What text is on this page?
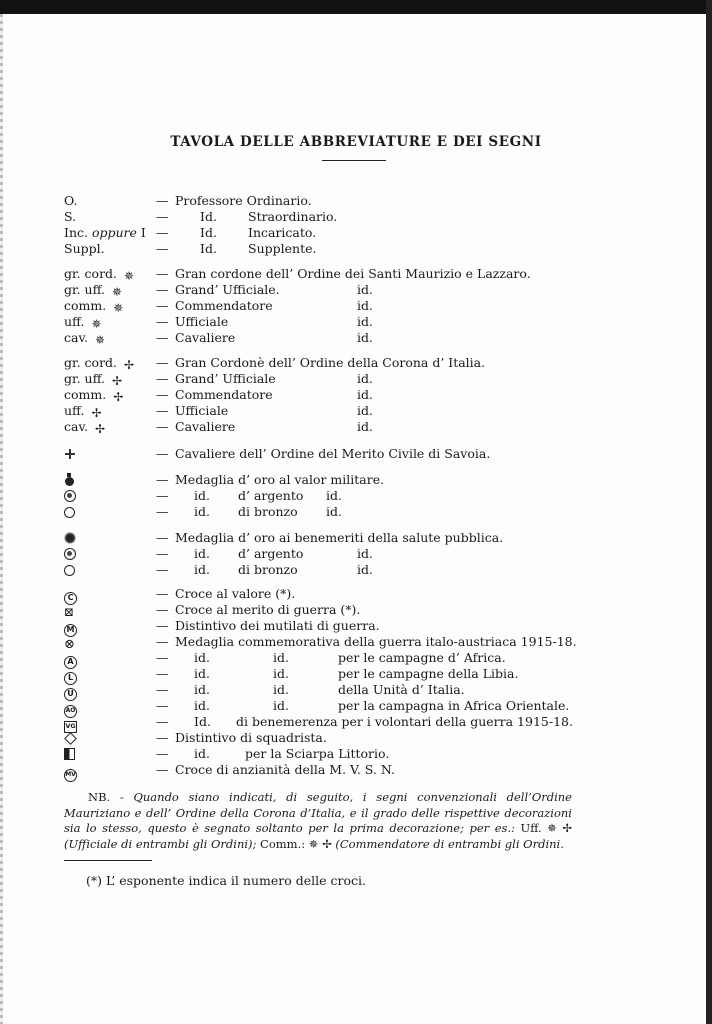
TAVOLA DELLE ABBREVIATURE E DEI SEGNI
O.	— Professore Ordinario.
S.	—	Id. Straordinario.
Inc. oppure I —	Id. Incaricato.
Suppl.	—	Id. Supplente.
gr. cord. ✵ — Gran cordone dell’ Ordine dei Santi Maurizio e Lazzaro.
gr. uff. ✵	— Grand’ Ufficiale.	id.
comm. ✵	— Commendatore	id.
uff. ✵	— Ufficiale	id.
cav. ✵	— Cavaliere	id.
gr. cord. ✢ — Gran Cordonè dell’ Ordine della Corona d’ Italia.
gr. uff. ✢	— Grand’ Ufficiale	id.
comm. ✢	— Commendatore	id.
uff. ✢	— Ufficiale	id.
cav. ✢	— Cavaliere	id.
— Cavaliere dell’ Ordine del Merito Civile di Savoia.
— Medaglia d’ oro al valor militare.
— id. d’ argento id.
— id. di bronzo id.
— Medaglia d’ oro ai benemeriti della salute pubblica.
— id. d’ argento	id.
— id. di bronzo	id.
C	— Croce al valore (*).
⊠	— Croce al merito di guerra (*).
M	— Distintivo dei mutilati di guerra.
⊗	— Medaglia commemorativa della guerra italo-austriaca 1915-18.
A	— id.	id.	per le campagne d’ Africa.
L	— id.	id.	per le campagne della Libia.
U	— id.	id.	della Unità d’ Italia.
AO	— id.	id.	per la campagna in Africa Orientale.
VG	— Id. di benemerenza per i volontari della guerra 1915-18.
— Distintivo di squadrista.
— id.	per la Sciarpa Littorio.
MV	— Croce di anzianità della M. V. S. N.
NB. - Quando siano indicati, di seguito, i segni convenzionali dell’Ordine Mauriziano e dell’ Ordine della Corona d’Italia, e il grado delle rispettive decorazioni sia lo stesso, questo è segnato soltanto per la prima decorazione; per es.: Uff. ✵ ✢ (Ufficiale di entrambi gli Ordini); Comm.: ✵ ✢ (Commendatore di entrambi gli Ordini.
(*) L’ esponente indica il numero delle croci.
